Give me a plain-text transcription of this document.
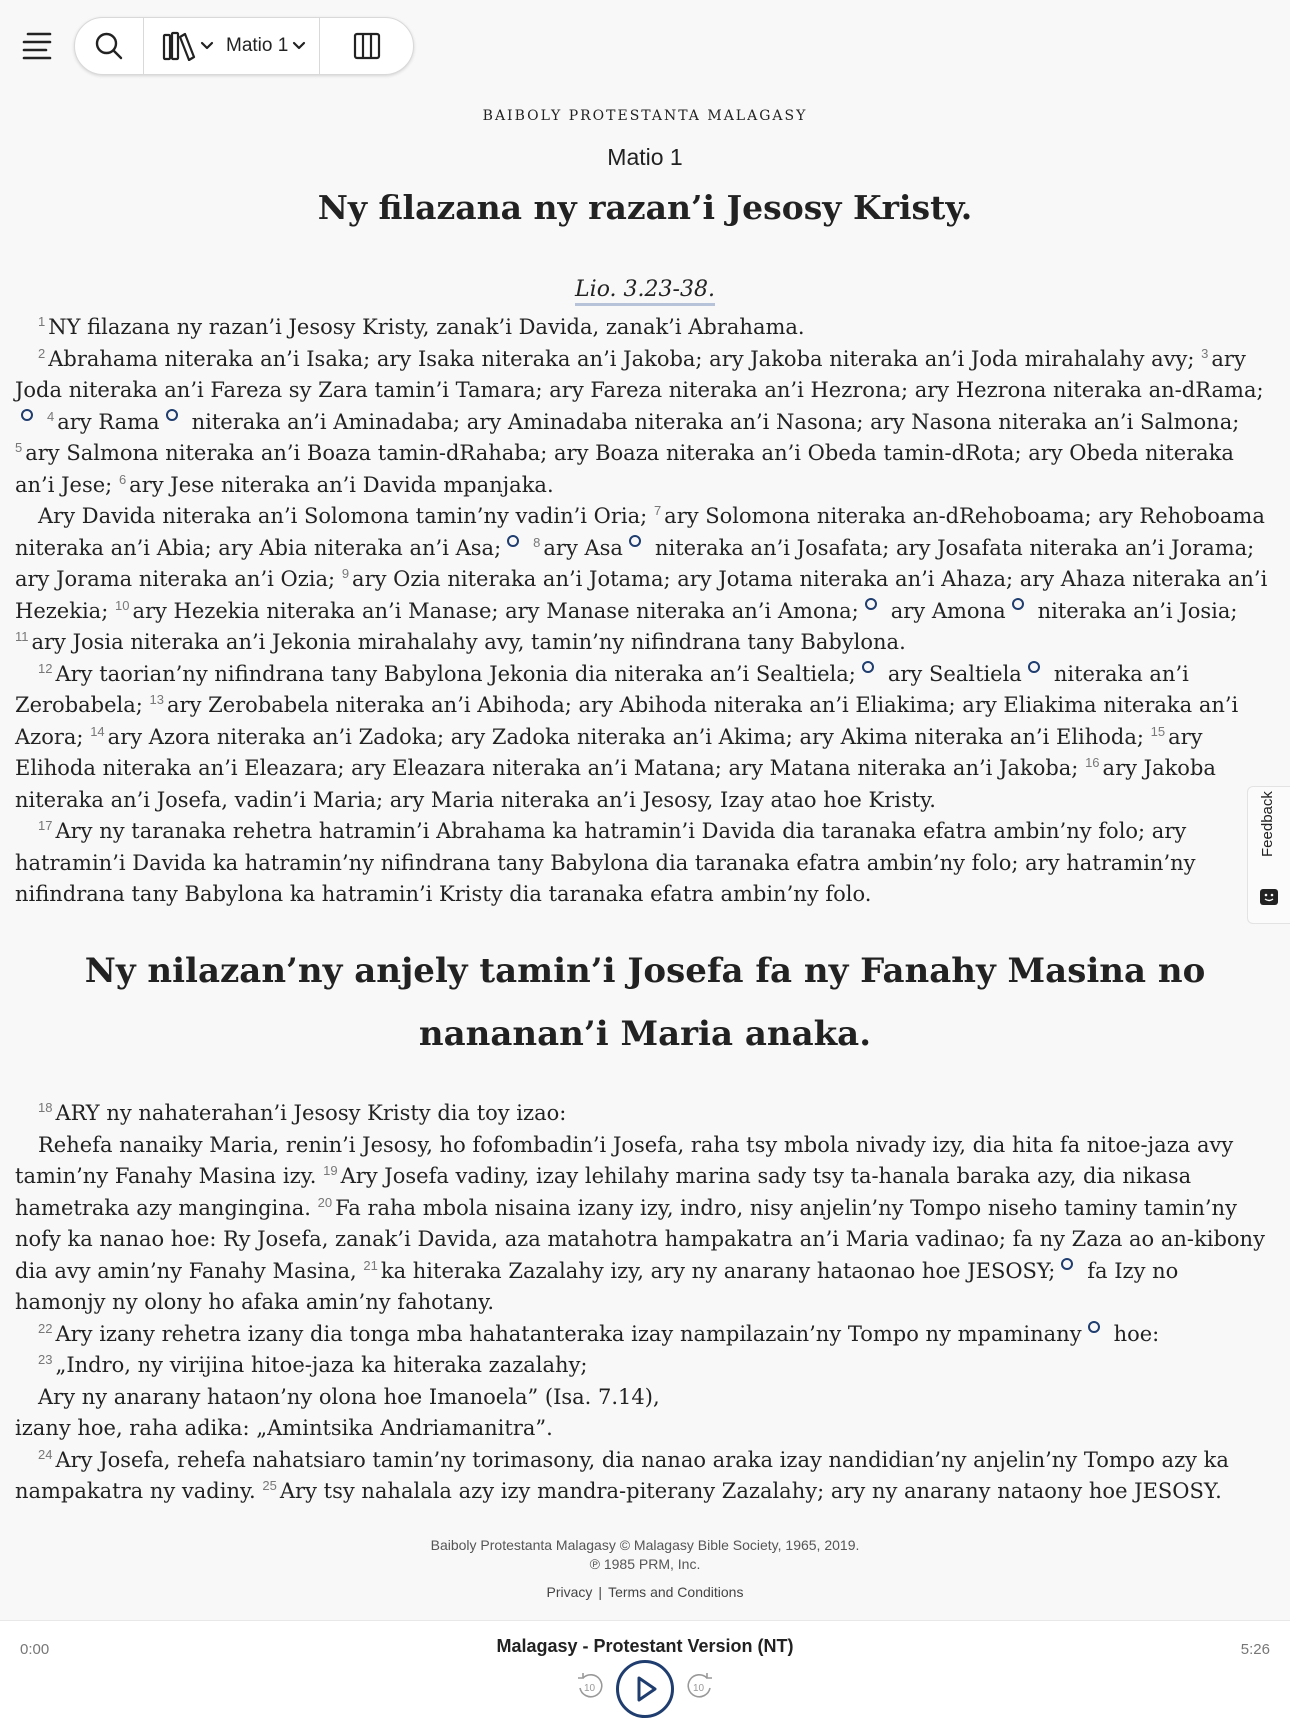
Matio 1
BAIBOLY PROTESTANTA MALAGASY
Matio 1
Ny filazana ny razan’i Jesosy Kristy.
Lio. 3.23-38.

$^1$ NY filazana ny razan’i Jesosy Kristy, zanak’i Davida, zanak’i Abrahama.

$^2$ Abrahama niteraka an’i Isaka; ary Isaka niteraka an’i Jakoba; ary Jakoba niteraka an’i Joda mirahalahy avy; $^3$ ary Joda niteraka an’i Fareza sy Zara tamin’i Tamara; ary Fareza niteraka an’i Hezrona; ary Hezrona niteraka an-dRama;$^4$ ary Rama niteraka an’i Aminadaba; ary Aminadaba niteraka an’i Nasona; ary Nasona niteraka an’i Salmona; $^5$ ary Salmona niteraka an’i Boaza tamin-dRahaba; ary Boaza niteraka an’i Obeda tamin-dRota; ary Obeda niteraka an’i Jese; $^6$ ary Jese niteraka an’i Davida mpanjaka.

Ary Davida niteraka an’i Solomona tamin’ny vadin’i Oria; $^7$ ary Solomona niteraka an-dRehoboama; ary Rehoboama niteraka an’i Abia; ary Abia niteraka an’i Asa; $^8$ ary Asa niteraka an’i Josafata; ary Josafata niteraka an’i Jorama; ary Jorama niteraka an’i Ozia; $^9$ ary Ozia niteraka an’i Jotama; ary Jotama niteraka an’i Ahaza; ary Ahaza niteraka an’i Hezekia; $^{10}$ ary Hezekia niteraka an’i Manase; ary Manase niteraka an’i Amona; ary Amona niteraka an’i Josia; $^{11}$ ary Josia niteraka an’i Jekonia mirahalahy avy, tamin’ny nifindrana tany Babylona.

$^{12}$ Ary taorian’ny nifindrana tany Babylona Jekonia dia niteraka an’i Sealtiela; ary Sealtiela niteraka an’i Zerobabela; $^{13}$ ary Zerobabela niteraka an’i Abihoda; ary Abihoda niteraka an’i Eliakima; ary Eliakima niteraka an’i Azora; $^{14}$ ary Azora niteraka an’i Zadoka; ary Zadoka niteraka an’i Akima; ary Akima niteraka an’i Elihoda; $^{15}$ ary Elihoda niteraka an’i Eleazara; ary Eleazara niteraka an’i Matana; ary Matana niteraka an’i Jakoba; $^{16}$ ary Jakoba niteraka an’i Josefa, vadin’i Maria; ary Maria niteraka an’i Jesosy, Izay atao hoe Kristy.

$^{17}$ Ary ny taranaka rehetra hatramin’i Abrahama ka hatramin’i Davida dia taranaka efatra ambin’ny folo; ary hatramin’i Davida ka hatramin’ny nifindrana tany Babylona dia taranaka efatra ambin’ny folo; ary hatramin’ny nifindrana tany Babylona ka hatramin’i Kristy dia taranaka efatra ambin’ny folo.

Ny nilazan’ny anjely tamin’i Josefa fa ny Fanahy Masina no nananan’i Maria anaka.

$^{18}$ ARY ny nahaterahan’i Jesosy Kristy dia toy izao:

Rehefa nanaiky Maria, renin’i Jesosy, ho fofombadin’i Josefa, raha tsy mbola nivady izy, dia hita fa nitoe-jaza avy tamin’ny Fanahy Masina izy. $^{19}$ Ary Josefa vadiny, izay lehilahy marina sady tsy ta-hanala baraka azy, dia nikasa hametraka azy mangingina. $^{20}$ Fa raha mbola nisaina izany izy, indro, nisy anjelin’ny Tompo niseho taminy tamin’ny nofy ka nanao hoe: Ry Josefa, zanak’i Davida, aza matahotra hampakatra an’i Maria vadinao; fa ny Zaza ao an-kibony dia avy amin’ny Fanahy Masina, $^{21}$ ka hiteraka Zazalahy izy, ary ny anarany hataonao hoe JESOSY; fa Izy no hamonjy ny olony ho afaka amin’ny fahotany.

$^{22}$ Ary izany rehetra izany dia tonga mba hahatanteraka izay nampilazain’ny Tompo ny mpaminany hoe:

$^{23}$ „Indro, ny virijina hitoe-jaza ka hiteraka zazalahy;

Ary ny anarany hataon’ny olona hoe Imanoela” (Isa. 7.14),

izany hoe, raha adika: „Amintsika Andriamanitra”.

$^{24}$ Ary Josefa, rehefa nahatsiaro tamin’ny torimasony, dia nanao araka izay nandidian’ny anjelin’ny Tompo azy ka nampakatra ny vadiny. $^{25}$ Ary tsy nahalala azy izy mandra-piterany Zazalahy; ary ny anarany nataony hoe JESOSY.

Baiboly Protestanta Malagasy © Malagasy Bible Society, 1965, 2019.
℗ 1985 PRM, Inc.
Privacy | Terms and Conditions
Feedback
0:00	5:26
Malagasy - Protestant Version (NT)
10	10
